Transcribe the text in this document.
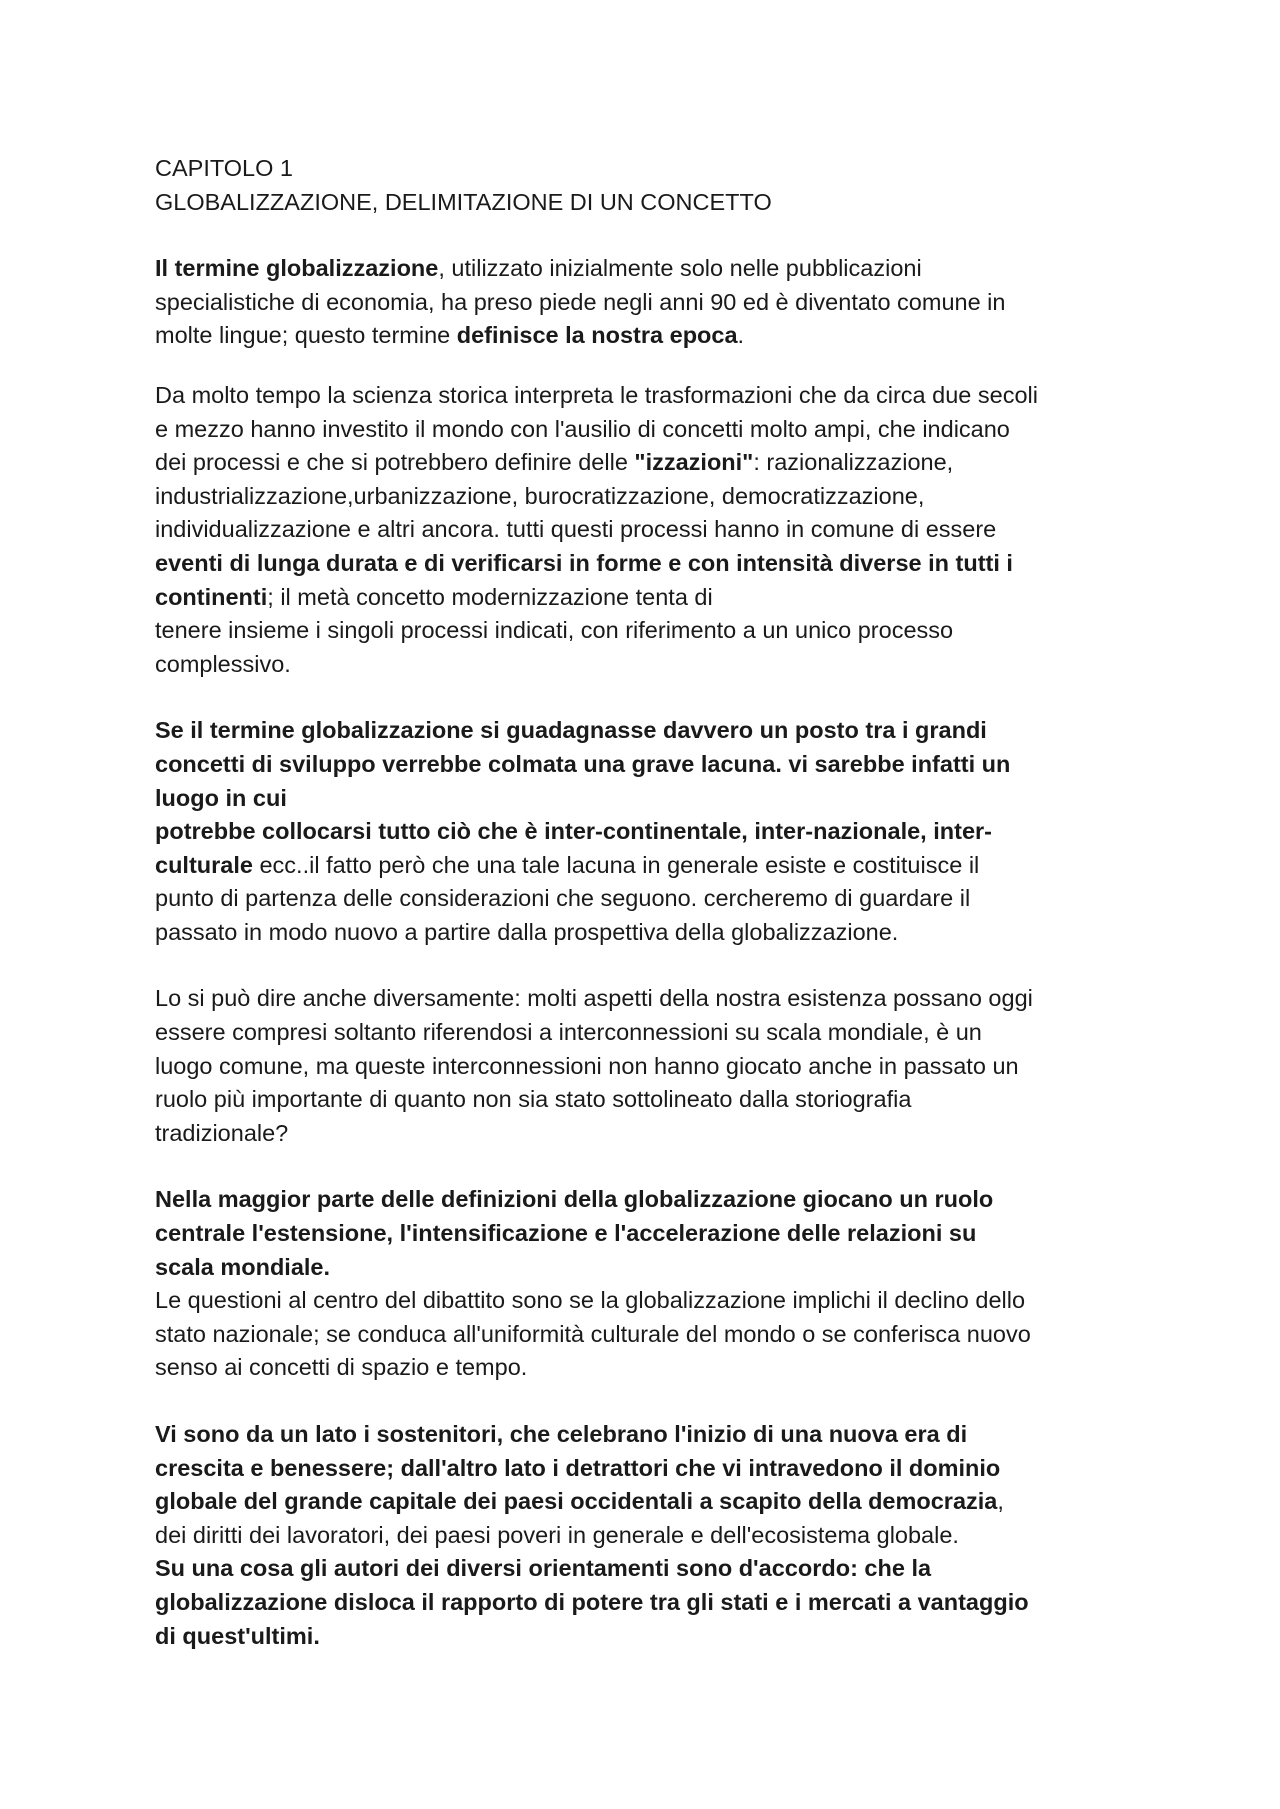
CAPITOLO 1
GLOBALIZZAZIONE, DELIMITAZIONE DI UN CONCETTO

Il termine globalizzazione, utilizzato inizialmente solo nelle pubblicazioni
specialistiche di economia, ha preso piede negli anni 90 ed è diventato comune in
molte lingue; questo termine definisce la nostra epoca.

Da molto tempo la scienza storica interpreta le trasformazioni che da circa due secoli
e mezzo hanno investito il mondo con l'ausilio di concetti molto ampi, che indicano
dei processi e che si potrebbero definire delle "izzazioni": razionalizzazione,
industrializzazione,urbanizzazione, burocratizzazione, democratizzazione,
individualizzazione e altri ancora. tutti questi processi hanno in comune di essere
eventi di lunga durata e di verificarsi in forme e con intensità diverse in tutti i
continenti; il metà concetto modernizzazione tenta di
tenere insieme i singoli processi indicati, con riferimento a un unico processo
complessivo.

Se il termine globalizzazione si guadagnasse davvero un posto tra i grandi
concetti di sviluppo verrebbe colmata una grave lacuna. vi sarebbe infatti un
luogo in cui
potrebbe collocarsi tutto ciò che è inter-continentale, inter-nazionale, inter-
culturale ecc..il fatto però che una tale lacuna in generale esiste e costituisce il
punto di partenza delle considerazioni che seguono. cercheremo di guardare il
passato in modo nuovo a partire dalla prospettiva della globalizzazione.

Lo si può dire anche diversamente: molti aspetti della nostra esistenza possano oggi
essere compresi soltanto riferendosi a interconnessioni su scala mondiale, è un
luogo comune, ma queste interconnessioni non hanno giocato anche in passato un
ruolo più importante di quanto non sia stato sottolineato dalla storiografia
tradizionale?

Nella maggior parte delle definizioni della globalizzazione giocano un ruolo
centrale l'estensione, l'intensificazione e l'accelerazione delle relazioni su
scala mondiale.
Le questioni al centro del dibattito sono se la globalizzazione implichi il declino dello
stato nazionale; se conduca all'uniformità culturale del mondo o se conferisca nuovo
senso ai concetti di spazio e tempo.

Vi sono da un lato i sostenitori, che celebrano l'inizio di una nuova era di
crescita e benessere; dall'altro lato i detrattori che vi intravedono il dominio
globale del grande capitale dei paesi occidentali a scapito della democrazia,
dei diritti dei lavoratori, dei paesi poveri in generale e dell'ecosistema globale.
Su una cosa gli autori dei diversi orientamenti sono d'accordo: che la
globalizzazione disloca il rapporto di potere tra gli stati e i mercati a vantaggio
di quest'ultimi.
